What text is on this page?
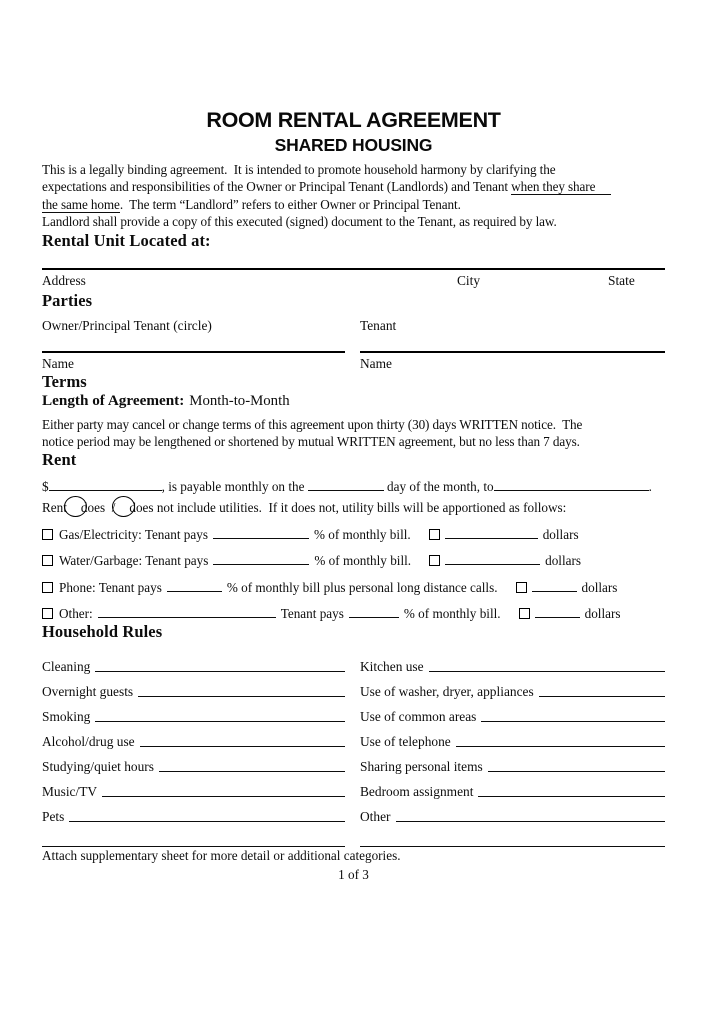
ROOM RENTAL AGREEMENT
SHARED HOUSING

This is a legally binding agreement.  It is intended to promote household harmony by clarifying the
expectations and responsibilities of the Owner or Principal Tenant (Landlords) and Tenant when they share
the same home.  The term “Landlord” refers to either Owner or Principal Tenant.
Landlord shall provide a copy of this executed (signed) document to the Tenant, as required by law.

Rental Unit Located at:
Address	City	State
Parties
Owner/Principal Tenant (circle)	Tenant
Name	Name
Terms

Length of Agreement: Month-to-Month

Either party may cancel or change terms of this agreement upon thirty (30) days WRITTEN notice.  The
notice period may be lengthened or shortened by mutual WRITTEN agreement, but no less than 7 days.

Rent

$	, is payable monthly on the	day of the month, to	.

Rent does  / does not include utilities.  If it does not, utility bills will be apportioned as follows:

Gas/Electricity: Tenant pays	% of monthly bill.	dollars
Water/Garbage: Tenant pays	% of monthly bill.	dollars
Phone: Tenant pays	% of monthly bill plus personal long distance calls.	dollars
Other:	Tenant pays	% of monthly bill.	dollars
Household Rules
Cleaning	Kitchen use
Overnight guests	Use of washer, dryer, appliances
Smoking	Use of common areas
Alcohol/drug use	Use of telephone
Studying/quiet hours	Sharing personal items
Music/TV	Bedroom assignment
Pets	Other

Attach supplementary sheet for more detail or additional categories.

1 of 3
